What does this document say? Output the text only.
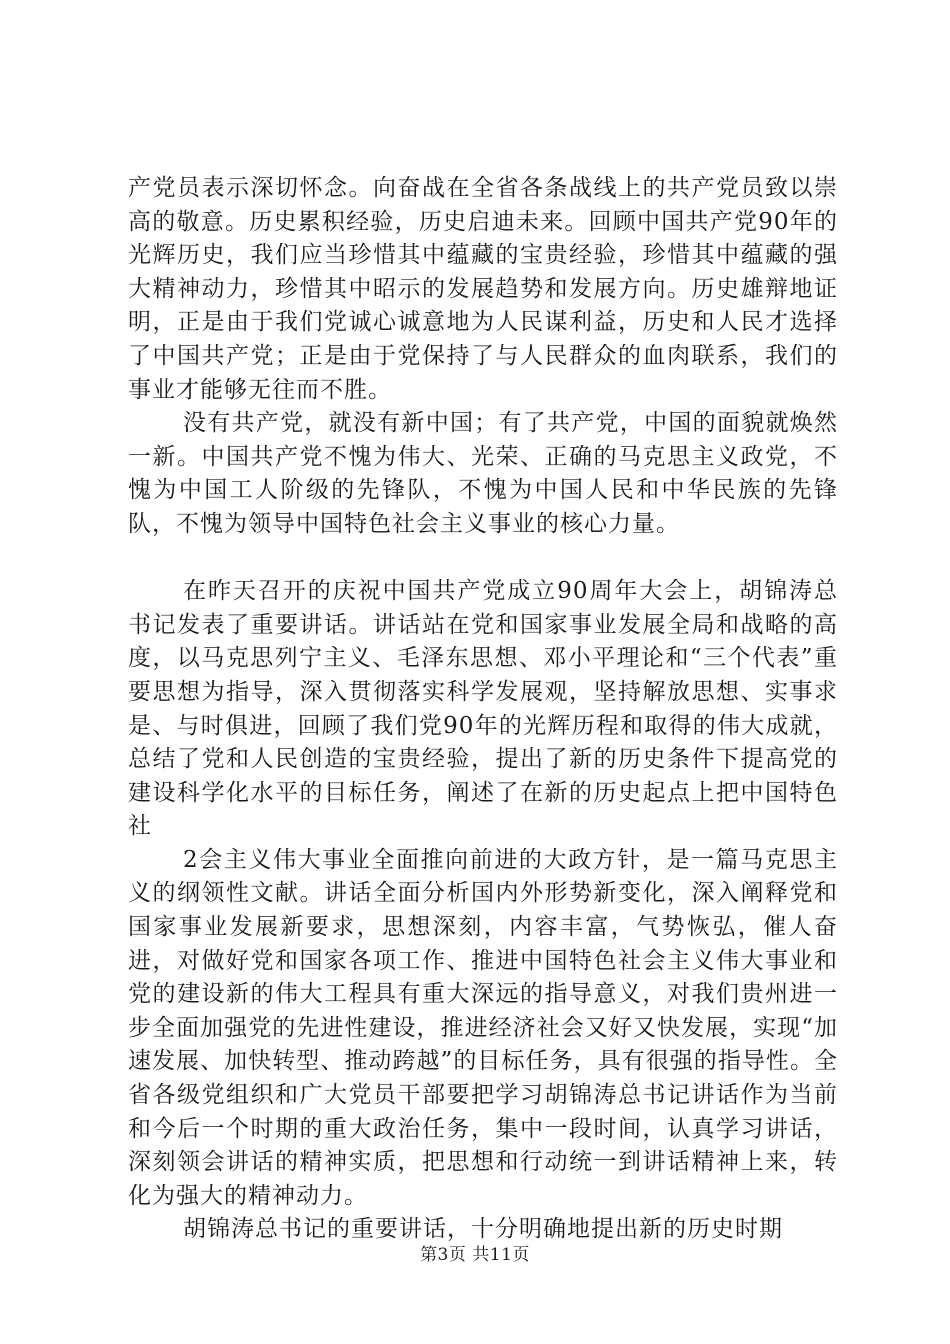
产党员表示深切怀念。向奋战在全省各条战线上的共产党员致以崇高的敬意。历史累积经验，历史启迪未来。回顾中国共产党90年的光辉历史，我们应当珍惜其中蕴藏的宝贵经验，珍惜其中蕴藏的强大精神动力，珍惜其中昭示的发展趋势和发展方向。历史雄辩地证明，正是由于我们党诚心诚意地为人民谋利益，历史和人民才选择了中国共产党；正是由于党保持了与人民群众的血肉联系，我们的事业才能够无往而不胜。

没有共产党，就没有新中国；有了共产党，中国的面貌就焕然一新。中国共产党不愧为伟大、光荣、正确的马克思主义政党，不愧为中国工人阶级的先锋队，不愧为中国人民和中华民族的先锋队，不愧为领导中国特色社会主义事业的核心力量。

在昨天召开的庆祝中国共产党成立90周年大会上，胡锦涛总书记发表了重要讲话。讲话站在党和国家事业发展全局和战略的高度，以马克思列宁主义、毛泽东思想、邓小平理论和“三个代表”重要思想为指导，深入贯彻落实科学发展观，坚持解放思想、实事求是、与时俱进，回顾了我们党90年的光辉历程和取得的伟大成就，总结了党和人民创造的宝贵经验，提出了新的历史条件下提高党的建设科学化水平的目标任务，阐述了在新的历史起点上把中国特色社

2会主义伟大事业全面推向前进的大政方针，是一篇马克思主义的纲领性文献。讲话全面分析国内外形势新变化，深入阐释党和国家事业发展新要求，思想深刻，内容丰富，气势恢弘，催人奋进，对做好党和国家各项工作、推进中国特色社会主义伟大事业和党的建设新的伟大工程具有重大深远的指导意义，对我们贵州进一步全面加强党的先进性建设，推进经济社会又好又快发展，实现“加速发展、加快转型、推动跨越”的目标任务，具有很强的指导性。全省各级党组织和广大党员干部要把学习胡锦涛总书记讲话作为当前和今后一个时期的重大政治任务，集中一段时间，认真学习讲话，深刻领会讲话的精神实质，把思想和行动统一到讲话精神上来，转化为强大的精神动力。

胡锦涛总书记的重要讲话，十分明确地提出新的历史时期

第3页 共11页
